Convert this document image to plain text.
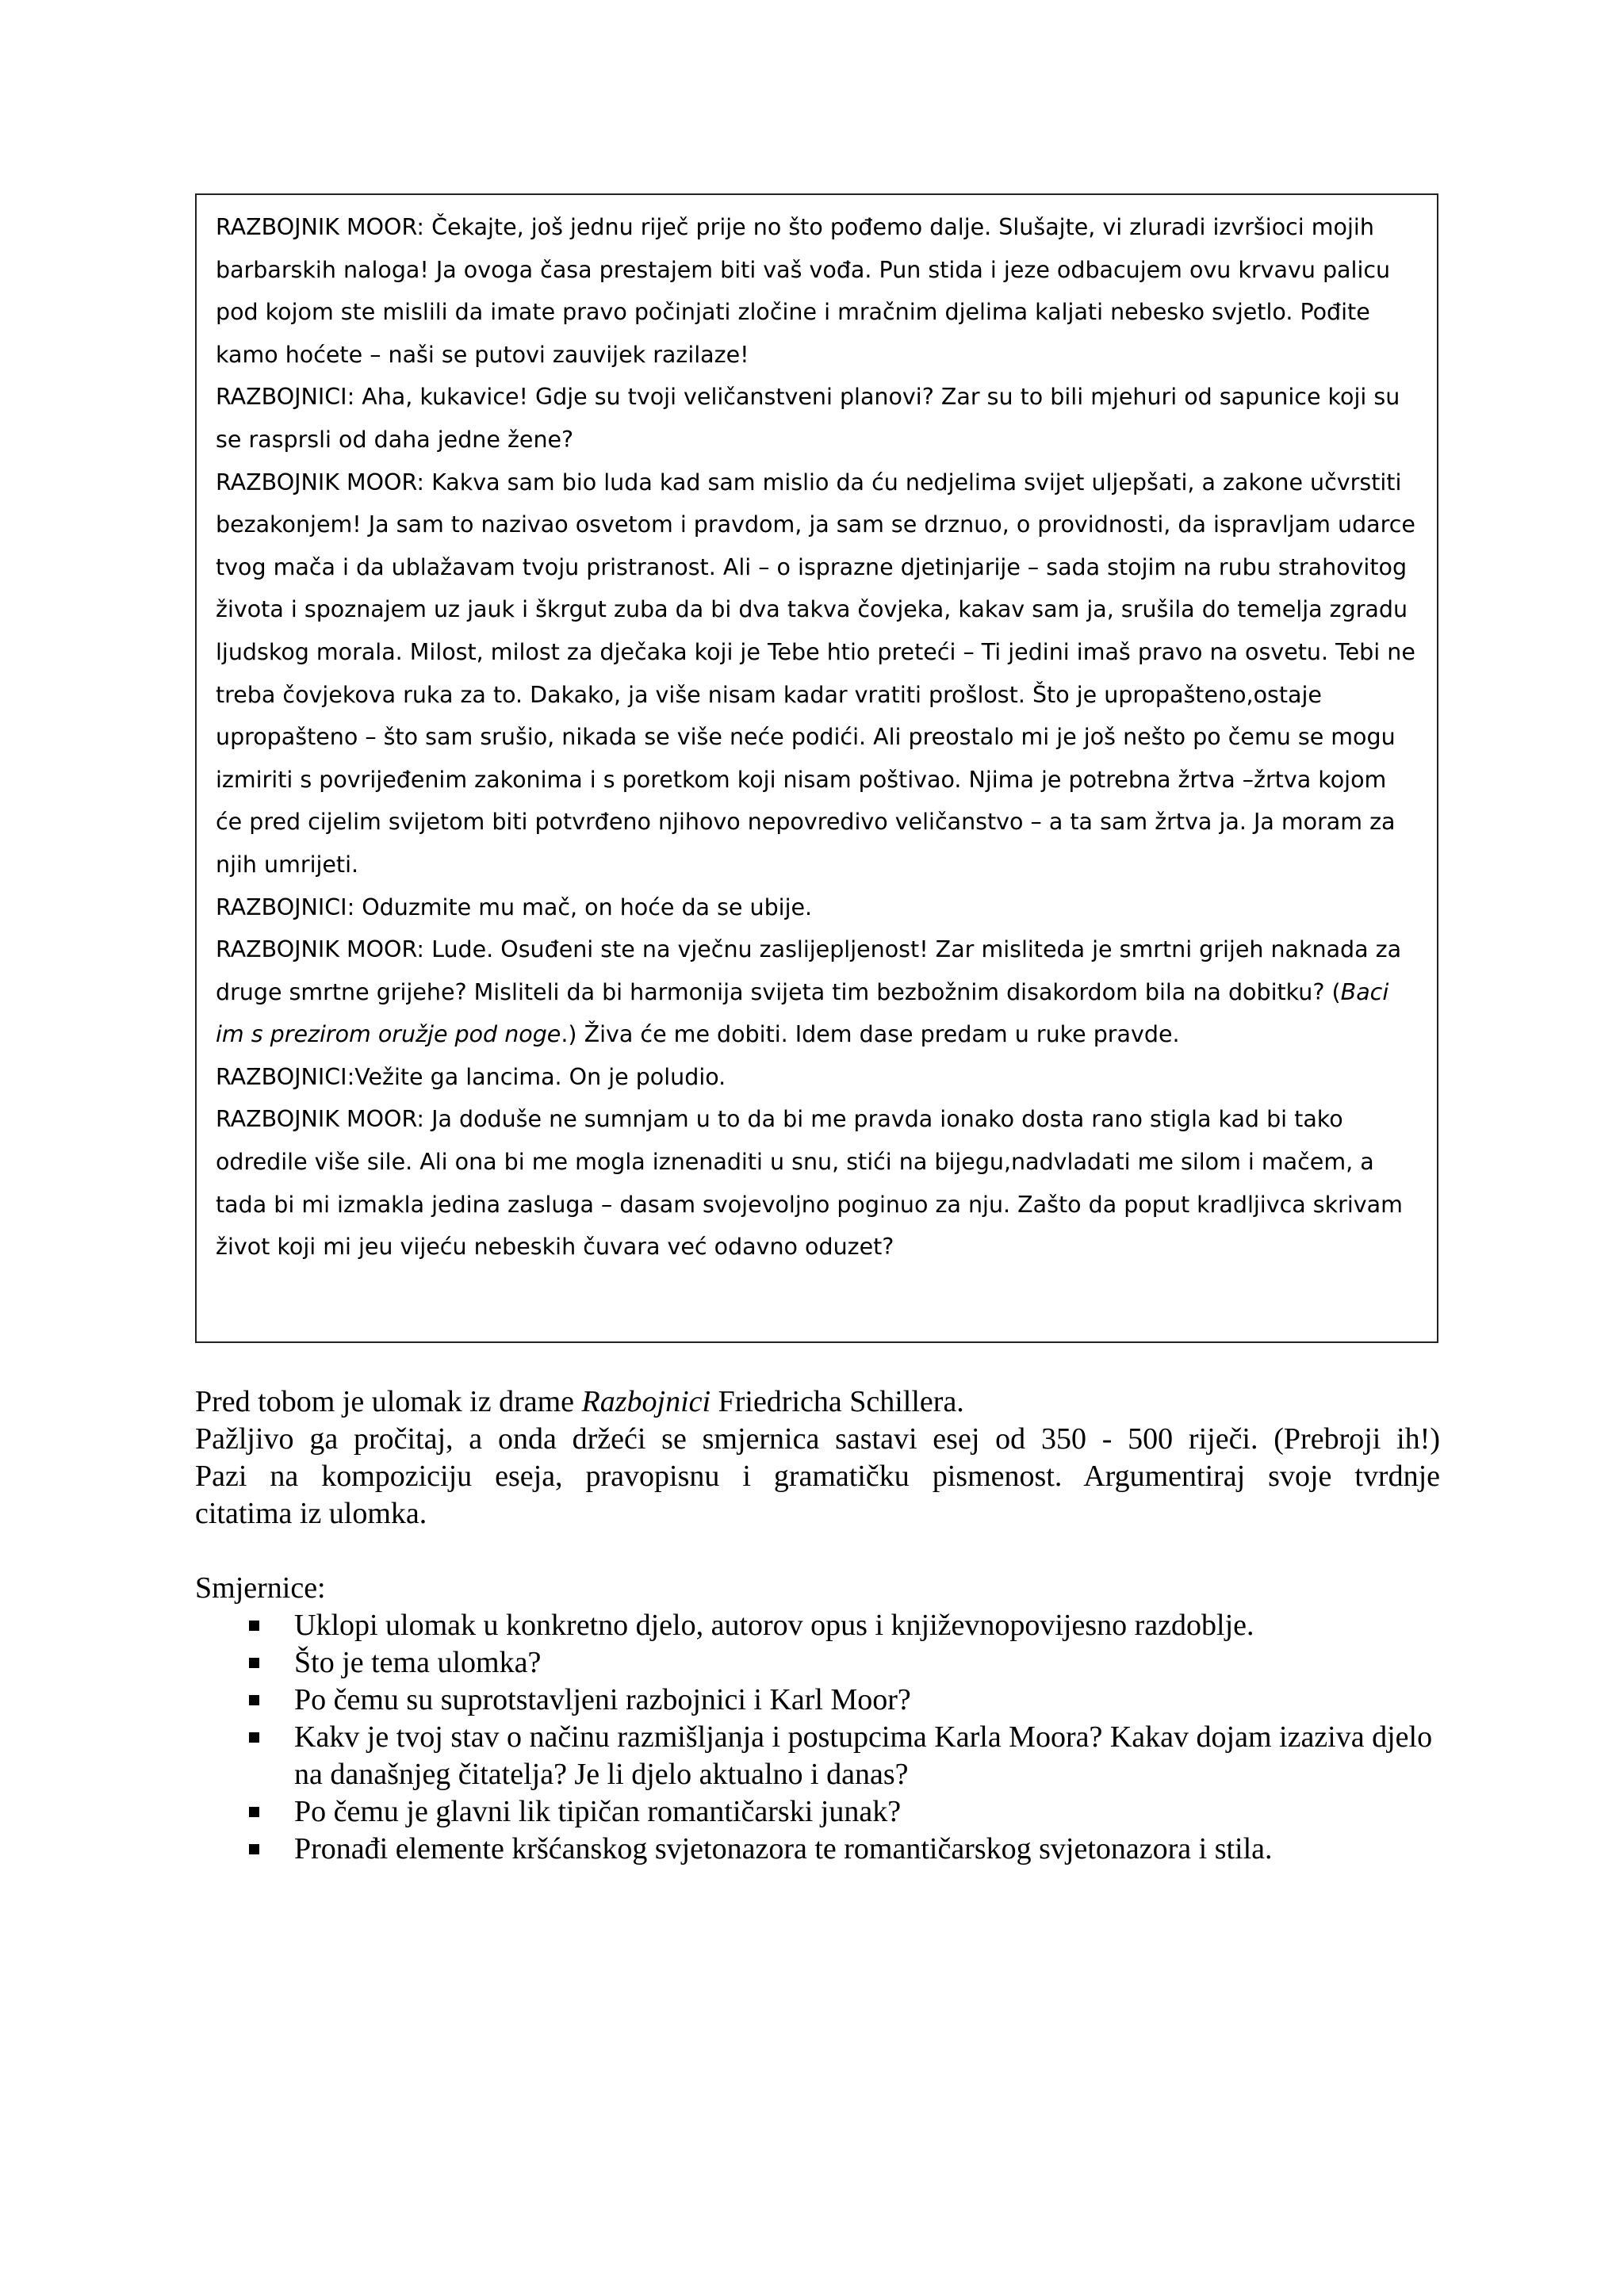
RAZBOJNIK MOOR: Čekajte, još jednu riječ prije no što pođemo dalje. Slušajte, vi zluradi izvršioci mojih barbarskih naloga! Ja ovoga časa prestajem biti vaš vođa. Pun stida i jeze odbacujem ovu krvavu palicu pod kojom ste mislili da imate pravo počinjati zločine i mračnim djelima kaljati nebesko svjetlo. Pođite kamo hoćete – naši se putovi zauvijek razilaze!

RAZBOJNICI: Aha, kukavice! Gdje su tvoji veličanstveni planovi? Zar su to bili mjehuri od sapunice koji su se rasprsli od daha jedne žene?

RAZBOJNIK MOOR: Kakva sam bio luda kad sam mislio da ću nedjelima svijet uljepšati, a zakone učvrstiti bezakonjem! Ja sam to nazivao osvetom i pravdom, ja sam se drznuo, o providnosti, da ispravljam udarce tvog mača i da ublažavam tvoju pristranost. Ali – o isprazne djetinjarije – sada stojim na rubu strahovitog života i spoznajem uz jauk i škrgut zuba da bi dva takva čovjeka, kakav sam ja, srušila do temelja zgradu ljudskog morala. Milost, milost za dječaka koji je Tebe htio preteći – Ti jedini imaš pravo na osvetu. Tebi ne treba čovjekova ruka za to. Dakako, ja više nisam kadar vratiti prošlost. Što je upropašteno,ostaje upropašteno – što sam srušio, nikada se više neće podići. Ali preostalo mi je još nešto po čemu se mogu izmiriti s povrijeđenim zakonima i s poretkom koji nisam poštivao. Njima je potrebna žrtva –žrtva kojom će pred cijelim svijetom biti potvrđeno njihovo nepovredivo veličanstvo – a ta sam žrtva ja. Ja moram za njih umrijeti.

RAZBOJNICI: Oduzmite mu mač, on hoće da se ubije.

RAZBOJNIK MOOR: Lude. Osuđeni ste na vječnu zaslijepljenost! Zar misliteda je smrtni grijeh naknada za druge smrtne grijehe? Misliteli da bi harmonija svijeta tim bezbožnim disakordom bila na dobitku? (Baci im s prezirom oružje pod noge.) Živa će me dobiti. Idem dase predam u ruke pravde.

RAZBOJNICI:Vežite ga lancima. On je poludio.

RAZBOJNIK MOOR: Ja doduše ne sumnjam u to da bi me pravda ionako dosta rano stigla kad bi tako odredile više sile. Ali ona bi me mogla iznenaditi u snu, stići na bijegu,nadvladati me silom i mačem, a tada bi mi izmakla jedina zasluga – dasam svojevoljno poginuo za nju. Zašto da poput kradljivca skrivam život koji mi jeu vijeću nebeskih čuvara već odavno oduzet?

Pred tobom je ulomak iz drame Razbojnici Friedricha Schillera.

Pažljivo ga pročitaj, a onda držeći se smjernica sastavi esej od 350 - 500 riječi. (Prebroji ih!)

Pazi na kompoziciju eseja, pravopisnu i gramatičku pismenost. Argumentiraj svoje tvrdnje

citatima iz ulomka.

Smjernice:

Uklopi ulomak u konkretno djelo, autorov opus i književnopovijesno razdoblje.
Što je tema ulomka?
Po čemu su suprotstavljeni razbojnici i Karl Moor?
Kakv je tvoj stav o načinu razmišljanja i postupcima Karla Moora? Kakav dojam izaziva djelo na današnjeg čitatelja? Je li djelo aktualno i danas?
Po čemu je glavni lik tipičan romantičarski junak?
Pronađi elemente kršćanskog svjetonazora te romantičarskog svjetonazora i stila.
